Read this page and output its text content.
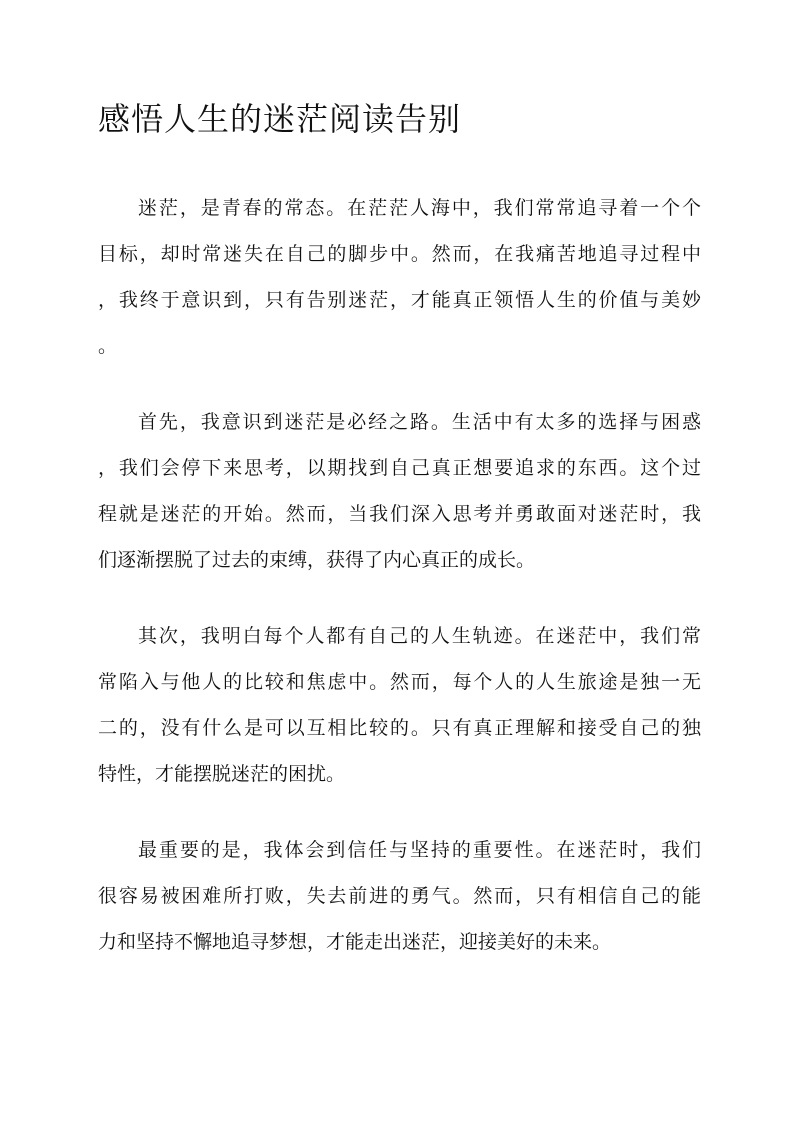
感悟人生的迷茫阅读告别

迷茫，是青春的常态。在茫茫人海中，我们常常追寻着一个个
目标，却时常迷失在自己的脚步中。然而，在我痛苦地追寻过程中
，我终于意识到，只有告别迷茫，才能真正领悟人生的价值与美妙
。

首先，我意识到迷茫是必经之路。生活中有太多的选择与困惑
，我们会停下来思考，以期找到自己真正想要追求的东西。这个过
程就是迷茫的开始。然而，当我们深入思考并勇敢面对迷茫时，我
们逐渐摆脱了过去的束缚，获得了内心真正的成长。

其次，我明白每个人都有自己的人生轨迹。在迷茫中，我们常
常陷入与他人的比较和焦虑中。然而，每个人的人生旅途是独一无
二的，没有什么是可以互相比较的。只有真正理解和接受自己的独
特性，才能摆脱迷茫的困扰。

最重要的是，我体会到信任与坚持的重要性。在迷茫时，我们
很容易被困难所打败，失去前进的勇气。然而，只有相信自己的能
力和坚持不懈地追寻梦想，才能走出迷茫，迎接美好的未来。
